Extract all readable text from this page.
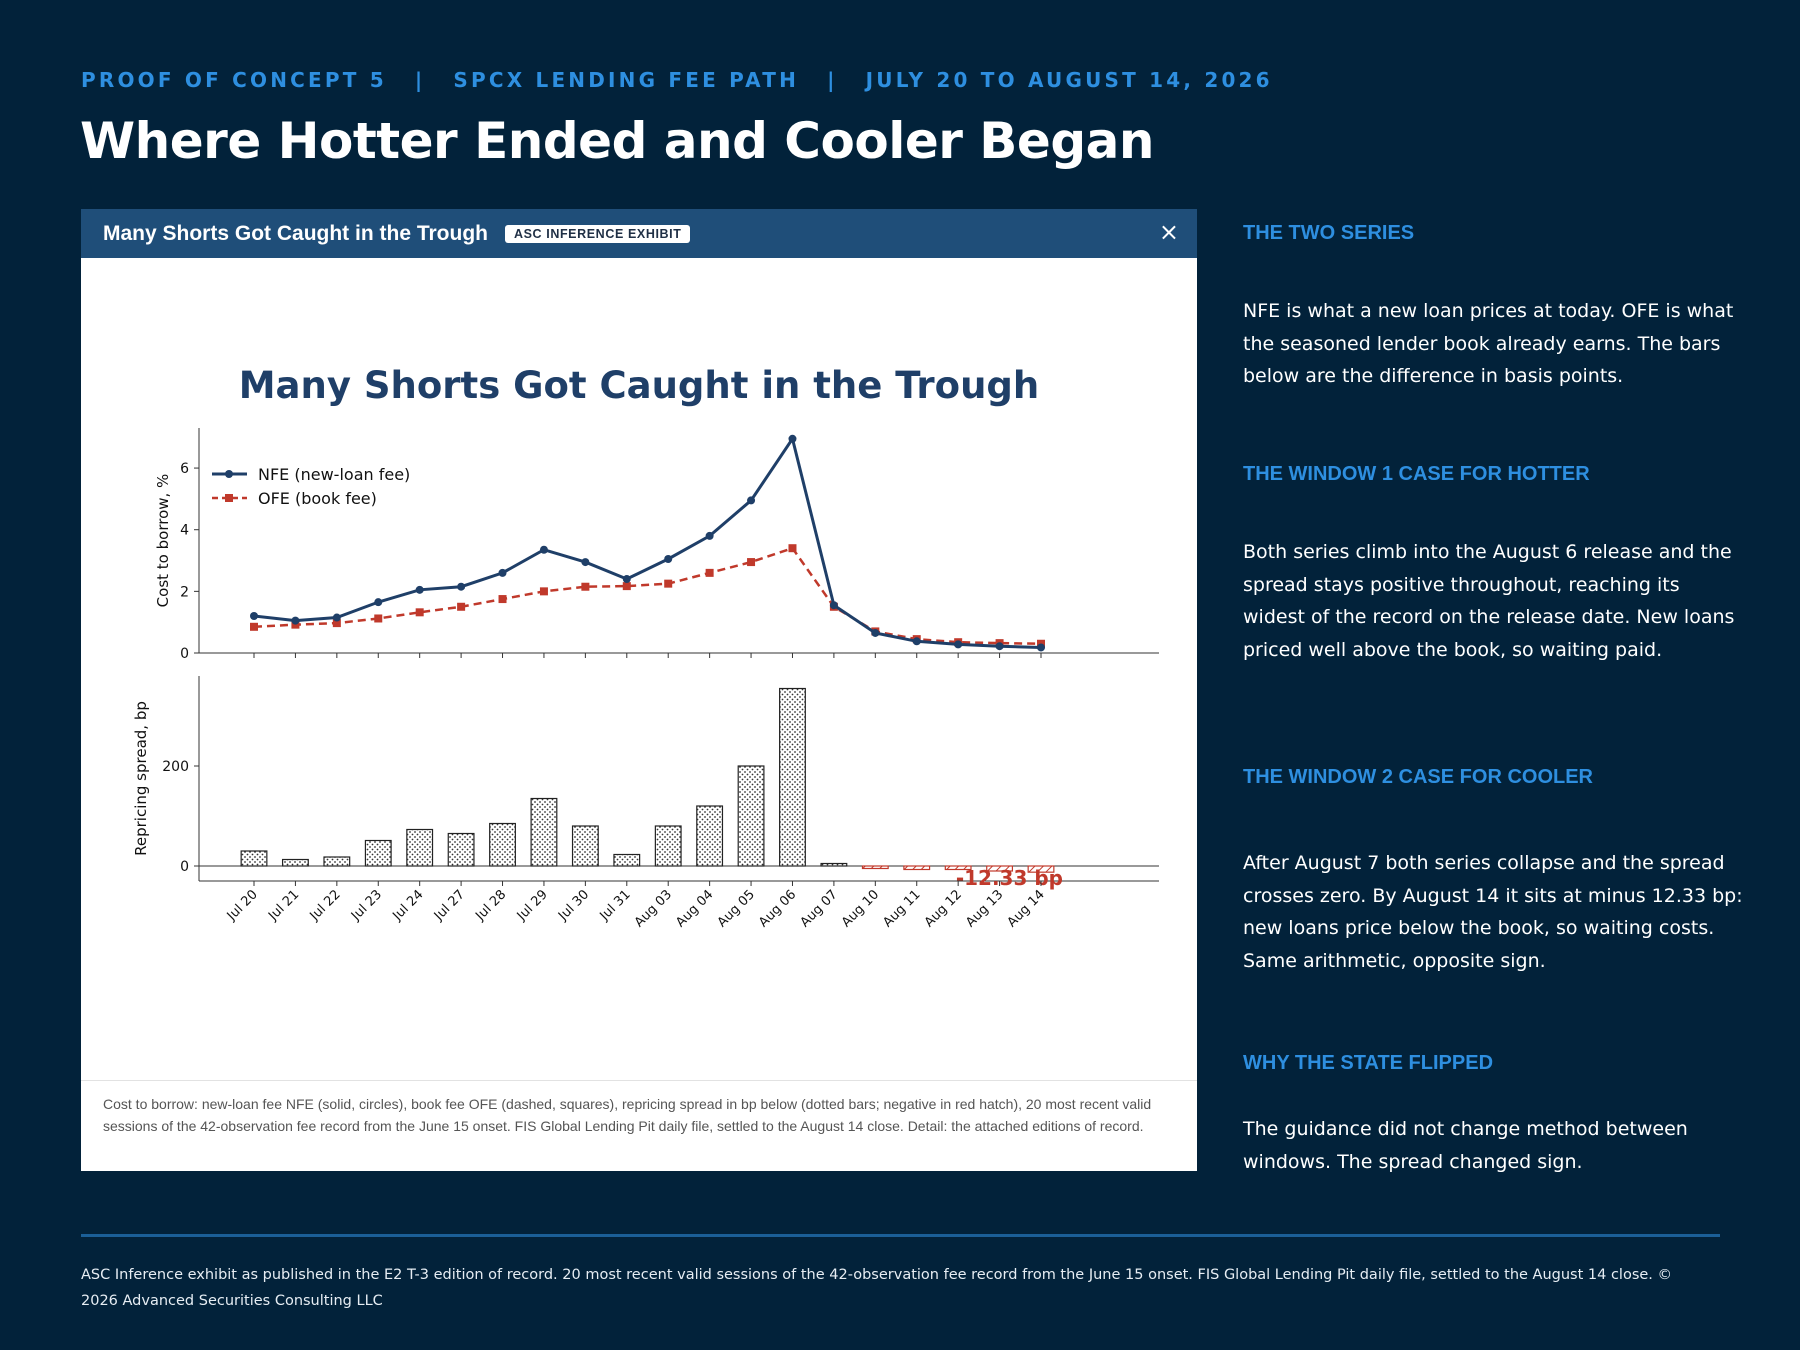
PROOF OF CONCEPT 5 | SPCX LENDING FEE PATH | JULY 20 TO AUGUST 14, 2026
Where Hotter Ended and Cooler Began
Many Shorts Got Caught in the Trough	ASC INFERENCE EXHIBIT	×
Many Shorts Got Caught in the Trough
0
2
4
6
Cost to borrow, %
0
200
Repricing spread, bp
-12.33 bp
Jul 20 Jul 21 Jul 22 Jul 23 Jul 24 Jul 27 Jul 28 Jul 29 Jul 30 Jul 31
Aug 03
Aug 04
Aug 05
Aug 06
Aug 07
Aug 10
Aug 11
Aug 12
Aug 13
Aug 14
NFE (new-loan fee)
OFE (book fee)
Cost to borrow: new-loan fee NFE (solid, circles), book fee OFE (dashed, squares), repricing spread in bp below (dotted bars; negative in red hatch), 20 most recent valid sessions of the 42-observation fee record from the June 15 onset. FIS Global Lending Pit daily file, settled to the August 14 close. Detail: the attached editions of record.
THE TWO SERIES
NFE is what a new loan prices at today. OFE is what the seasoned lender book already earns. The bars below are the difference in basis points.
THE WINDOW 1 CASE FOR HOTTER
Both series climb into the August 6 release and the spread stays positive throughout, reaching its widest of the record on the release date. New loans priced well above the book, so waiting paid.
THE WINDOW 2 CASE FOR COOLER
After August 7 both series collapse and the spread crosses zero. By August 14 it sits at minus 12.33 bp: new loans price below the book, so waiting costs. Same arithmetic, opposite sign.
WHY THE STATE FLIPPED
The guidance did not change method between windows. The spread changed sign.
ASC Inference exhibit as published in the E2 T-3 edition of record. 20 most recent valid sessions of the 42-observation fee record from the June 15 onset. FIS Global Lending Pit daily file, settled to the August 14 close. © 2026 Advanced Securities Consulting LLC
